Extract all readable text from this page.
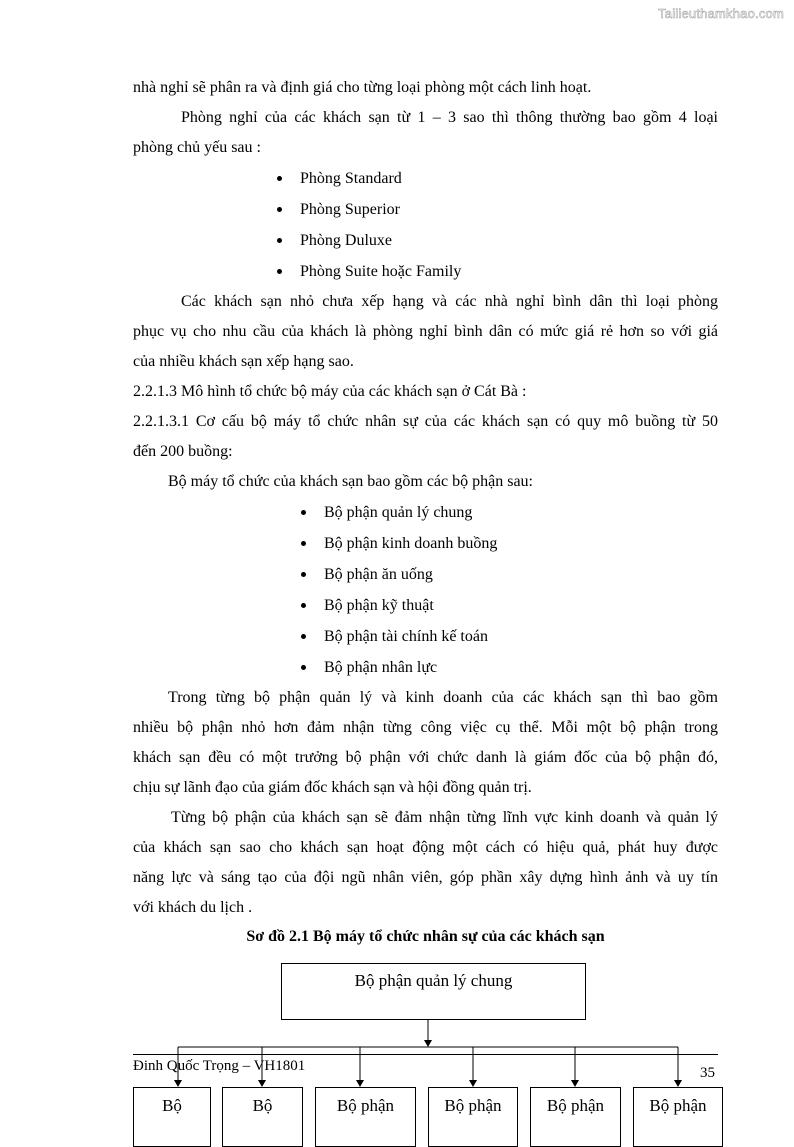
Tailieuthamkhao.com
nhà nghỉ sẽ phân ra và định giá cho từng loại phòng một cách linh hoạt.
Phòng nghỉ của các khách sạn từ 1 – 3 sao thì thông thường bao gồm 4 loại
phòng chủ yếu sau :
Phòng Standard
Phòng Superior
Phòng Duluxe
Phòng Suite hoặc Family
Các khách sạn nhỏ chưa xếp hạng và các nhà nghỉ bình dân thì loại phòng
phục vụ cho nhu cầu của khách là phòng nghỉ bình dân có mức giá rẻ hơn so với giá
của nhiều khách sạn xếp hạng sao.
2.2.1.3 Mô hình tổ chức bộ máy của các khách sạn ở Cát Bà :
2.2.1.3.1 Cơ cấu bộ máy tổ chức nhân sự của các khách sạn có quy mô buồng từ 50
đến 200 buồng:
Bộ máy tổ chức của khách sạn bao gồm các bộ phận sau:
Bộ phận quản lý chung
Bộ phận kinh doanh buồng
Bộ phận ăn uống
Bộ phận kỹ thuật
Bộ phận tài chính kế toán
Bộ phận nhân lực
Trong từng bộ phận quản lý và kinh doanh của các khách sạn thì bao gồm
nhiều bộ phận nhỏ hơn đảm nhận từng công việc cụ thể. Mỗi một bộ phận trong
khách sạn đều có một trưởng bộ phận với chức danh là giám đốc của bộ phận đó,
chịu sự lãnh đạo của giám đốc khách sạn và hội đồng quản trị.
Từng bộ phận của khách sạn sẽ đảm nhận từng lĩnh vực kinh doanh và quản lý
của khách sạn sao cho khách sạn hoạt động một cách có hiệu quả, phát huy được
năng lực và sáng tạo của đội ngũ nhân viên, góp phần xây dựng hình ảnh và uy tín
với khách du lịch .
Sơ đồ 2.1 Bộ máy tổ chức nhân sự của các khách sạn
Bộ phận quản lý chung
Bộ	Bộ	Bộ phận	Bộ phận	Bộ phận	Bộ phận
Đinh Quốc Trọng – VH1801	35
